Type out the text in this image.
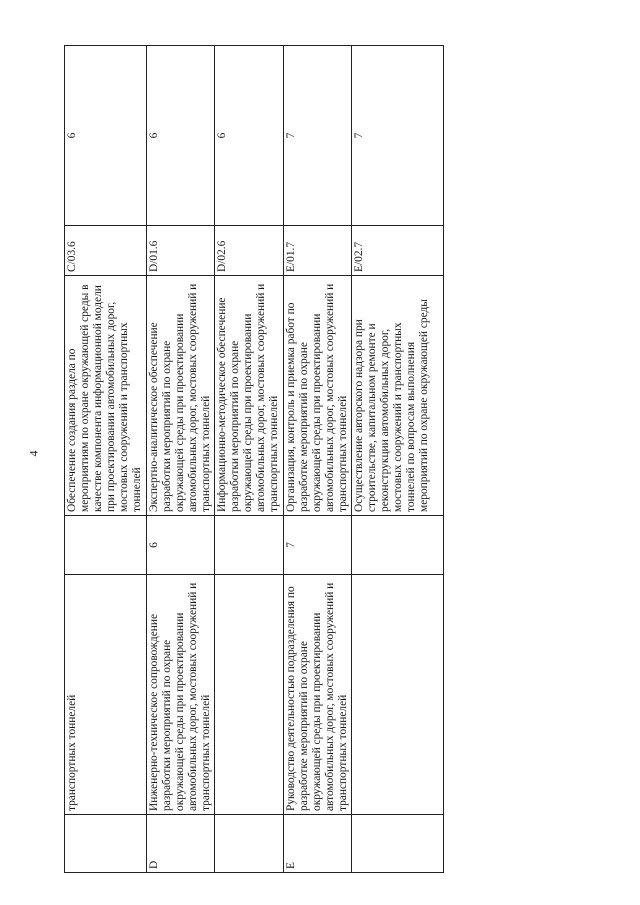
4
	транспортных тоннелей		Обеспечение создания раздела по мероприятиям по охране окружающей среды в качестве компонента информационной модели при проектировании автомобильных дорог, мостовых сооружений и транспортных тоннелей	C/03.6	6
D	Инженерно-техническое сопровождение разработки мероприятий по охране окружающей среды при проектировании автомобильных дорог, мостовых сооружений и транспортных тоннелей	6	Экспертно-аналитическое обеспечение разработки мероприятий по охране окружающей среды при проектировании автомобильных дорог, мостовых сооружений и транспортных тоннелей	D/01.6	6
			Информационно-методическое обеспечение разработки мероприятий по охране окружающей среды при проектировании автомобильных дорог, мостовых сооружений и транспортных тоннелей	D/02.6	6
E	Руководство деятельностью подразделения по разработке мероприятий по охране окружающей среды при проектировании автомобильных дорог, мостовых сооружений и транспортных тоннелей	7	Организация, контроль и приемка работ по разработке мероприятий по охране окружающей среды при проектировании автомобильных дорог, мостовых сооружений и транспортных тоннелей	E/01.7	7
			Осуществление авторского надзора при строительстве, капитальном ремонте и реконструкции автомобильных дорог, мостовых сооружений и транспортных тоннелей по вопросам выполнения мероприятий по охране окружающей среды	E/02.7	7
